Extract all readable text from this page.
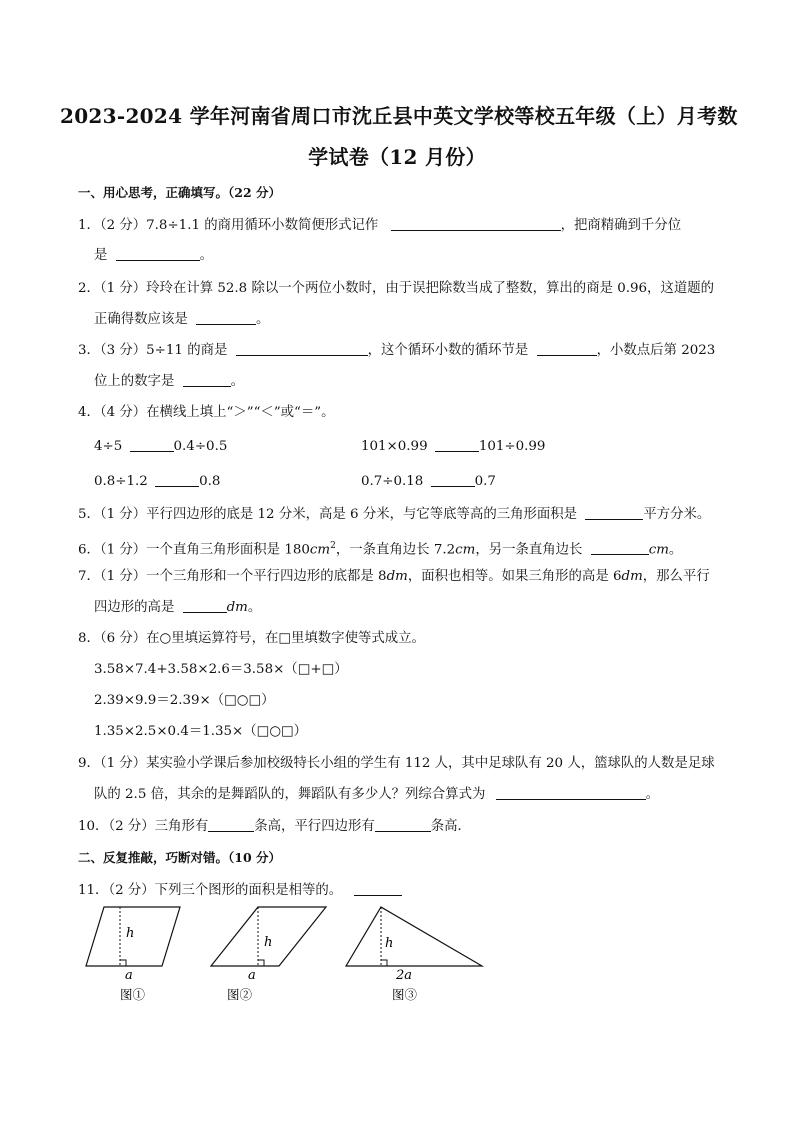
2023-2024 学年河南省周口市沈丘县中英文学校等校五年级（上）月考数
学试卷（12 月份）
一、用心思考，正确填写。（22 分）
1．（2 分）7.8÷1.1 的商用循环小数简便形式记作	，把商精确到千分位
是	。
2．（1 分）玲玲在计算 52.8 除以一个两位小数时，由于误把除数当成了整数，算出的商是 0.96，这道题的
正确得数应该是	。
3．（3 分）5÷11 的商是	，这个循环小数的循环节是	，小数点后第 2023
位上的数字是	。
4．（4 分）在横线上填上“＞”“＜”或“＝”。
4÷5	0.4÷0.5	101×0.99	101÷0.99
0.8÷1.2	0.8	0.7÷0.18	0.7
5．（1 分）平行四边形的底是 12 分米，高是 6 分米，与它等底等高的三角形面积是	平方分米。
6．（1 分）一个直角三角形面积是 $180cm^2$，一条直角边长 7.2cm，另一条直角边长	cm。
7．（1 分）一个三角形和一个平行四边形的底都是 8dm，面积也相等。如果三角形的高是 6dm，那么平行
四边形的高是	dm。
8．（6 分）在○里填运算符号，在□里填数字使等式成立。
3.58×7.4+3.58×2.6＝3.58×（□+□）
2.39×9.9＝2.39×（□○□）
1.35×2.5×0.4＝1.35×（□○□）
9．（1 分）某实验小学课后参加校级特长小组的学生有 112 人，其中足球队有 20 人，篮球队的人数是足球
队的 2.5 倍，其余的是舞蹈队的，舞蹈队有多少人？列综合算式为	。
10．（2 分）三角形有	条高，平行四边形有	条高．
二、反复推敲，巧断对错。（10 分）
11．（2 分）下列三个图形的面积是相等的。
h
a
图①
h
a
图②
h
2a
图③
